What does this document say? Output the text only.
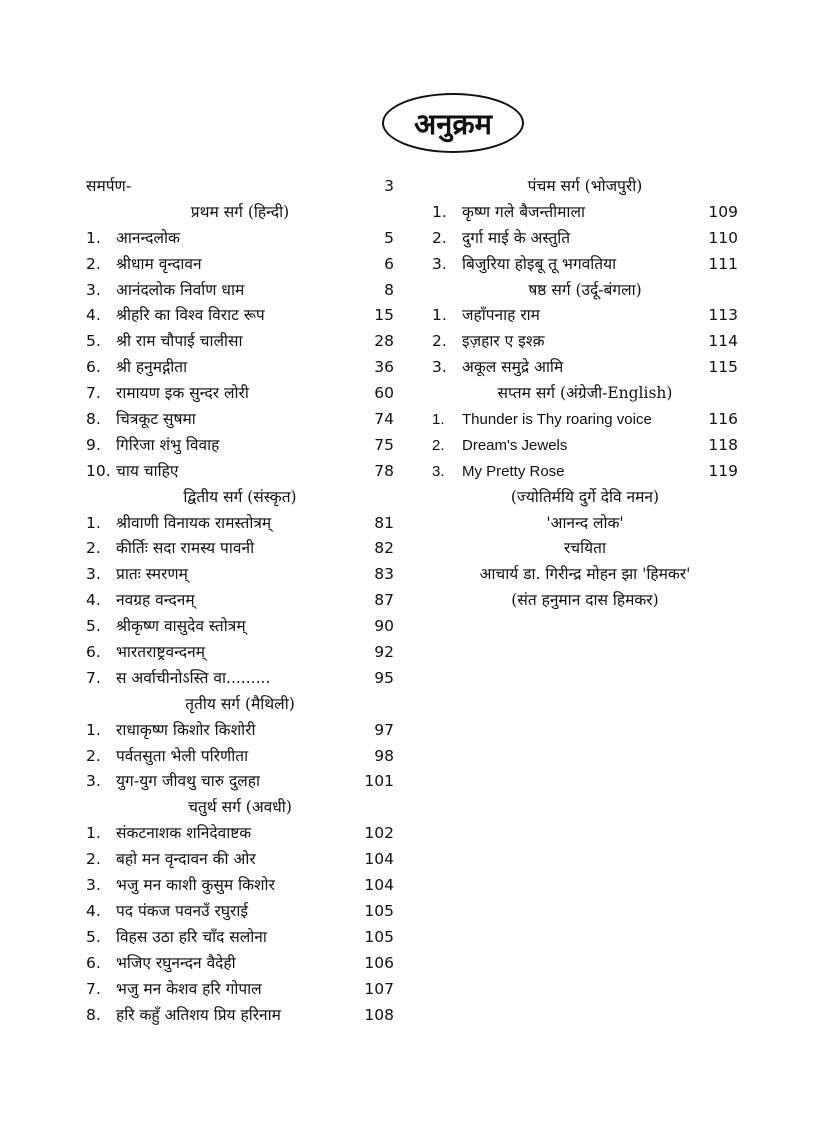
अनुक्रम
समर्पण-	3
प्रथम सर्ग (हिन्दी)
1. आनन्दलोक	5
2. श्रीधाम वृन्दावन	6
3. आनंदलोक निर्वाण धाम	8
4. श्रीहरि का विश्व विराट रूप	15
5. श्री राम चौपाई चालीसा	28
6. श्री हनुमद्गीता	36
7. रामायण इक सुन्दर लोरी	60
8. चित्रकूट सुषमा	74
9. गिरिजा शंभु विवाह	75
10. चाय चाहिए	78
द्वितीय सर्ग (संस्कृत)
1. श्रीवाणी विनायक रामस्तोत्रम्	81
2. कीर्तिः सदा रामस्य पावनी	82
3. प्रातः स्मरणम्	83
4. नवग्रह वन्दनम्	87
5. श्रीकृष्ण वासुदेव स्तोत्रम्	90
6. भारतराष्ट्रवन्दनम्	92
7. स अर्वाचीनोऽस्ति वा.........	95
तृतीय सर्ग (मैथिली)
1. राधाकृष्ण किशोर किशोरी	97
2. पर्वतसुता भेली परिणीता	98
3. युग-युग जीवथु चारु दुलहा	101
चतुर्थ सर्ग (अवधी)
1. संकटनाशक शनिदेवाष्टक	102
2. बहो मन वृन्दावन की ओर	104
3. भजु मन काशी कुसुम किशोर	104
4. पद पंकज पवनउँ रघुराई	105
5. विहस उठा हरि चाँद सलोना	105
6. भजिए रघुनन्दन वैदेही	106
7. भजु मन केशव हरि गोपाल	107
8. हरि कहुँ अतिशय प्रिय हरिनाम	108
पंचम सर्ग (भोजपुरी)
1. कृष्ण गले बैजन्तीमाला	109
2. दुर्गा माई के अस्तुति	110
3. बिजुरिया होइबू तू भगवतिया	111
षष्ठ सर्ग (उर्दू-बंगला)
1. जहाँपनाह राम	113
2. इज़हार ए इश्क़	114
3. अकूल समुद्रे आमि	115
सप्तम सर्ग (अंग्रेजी-English)
1.	Thunder is Thy roaring voice	116
2.	Dream's Jewels	118
3.	My Pretty Rose	119
(ज्योतिर्मयि दुर्गे देवि नमन)
'आनन्द लोक'
रचयिता
आचार्य डा. गिरीन्द्र मोहन झा 'हिमकर'
(संत हनुमान दास हिमकर)
